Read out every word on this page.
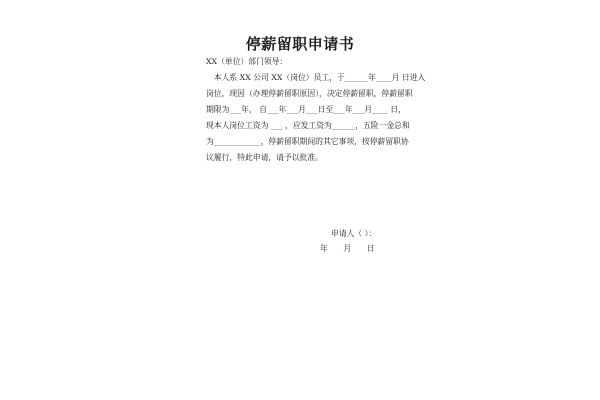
停薪留职申请书
XX（单位）部门领导：
　本人系 XX 公司 XX（岗位）员工，于______年____月 日进入
岗位，现因（办理停薪留职原因），决定停薪留职，停薪留职
期限为___年， 自___年___月___日至___年___月____ 日，
现本人岗位工资为 ___ ，应发工资为______，五险一金总和
为____________，停薪留职期间的其它事项，按停薪留职协
议履行，特此申请，请予以批准。
申请人（ ）：
年　　月　　日
